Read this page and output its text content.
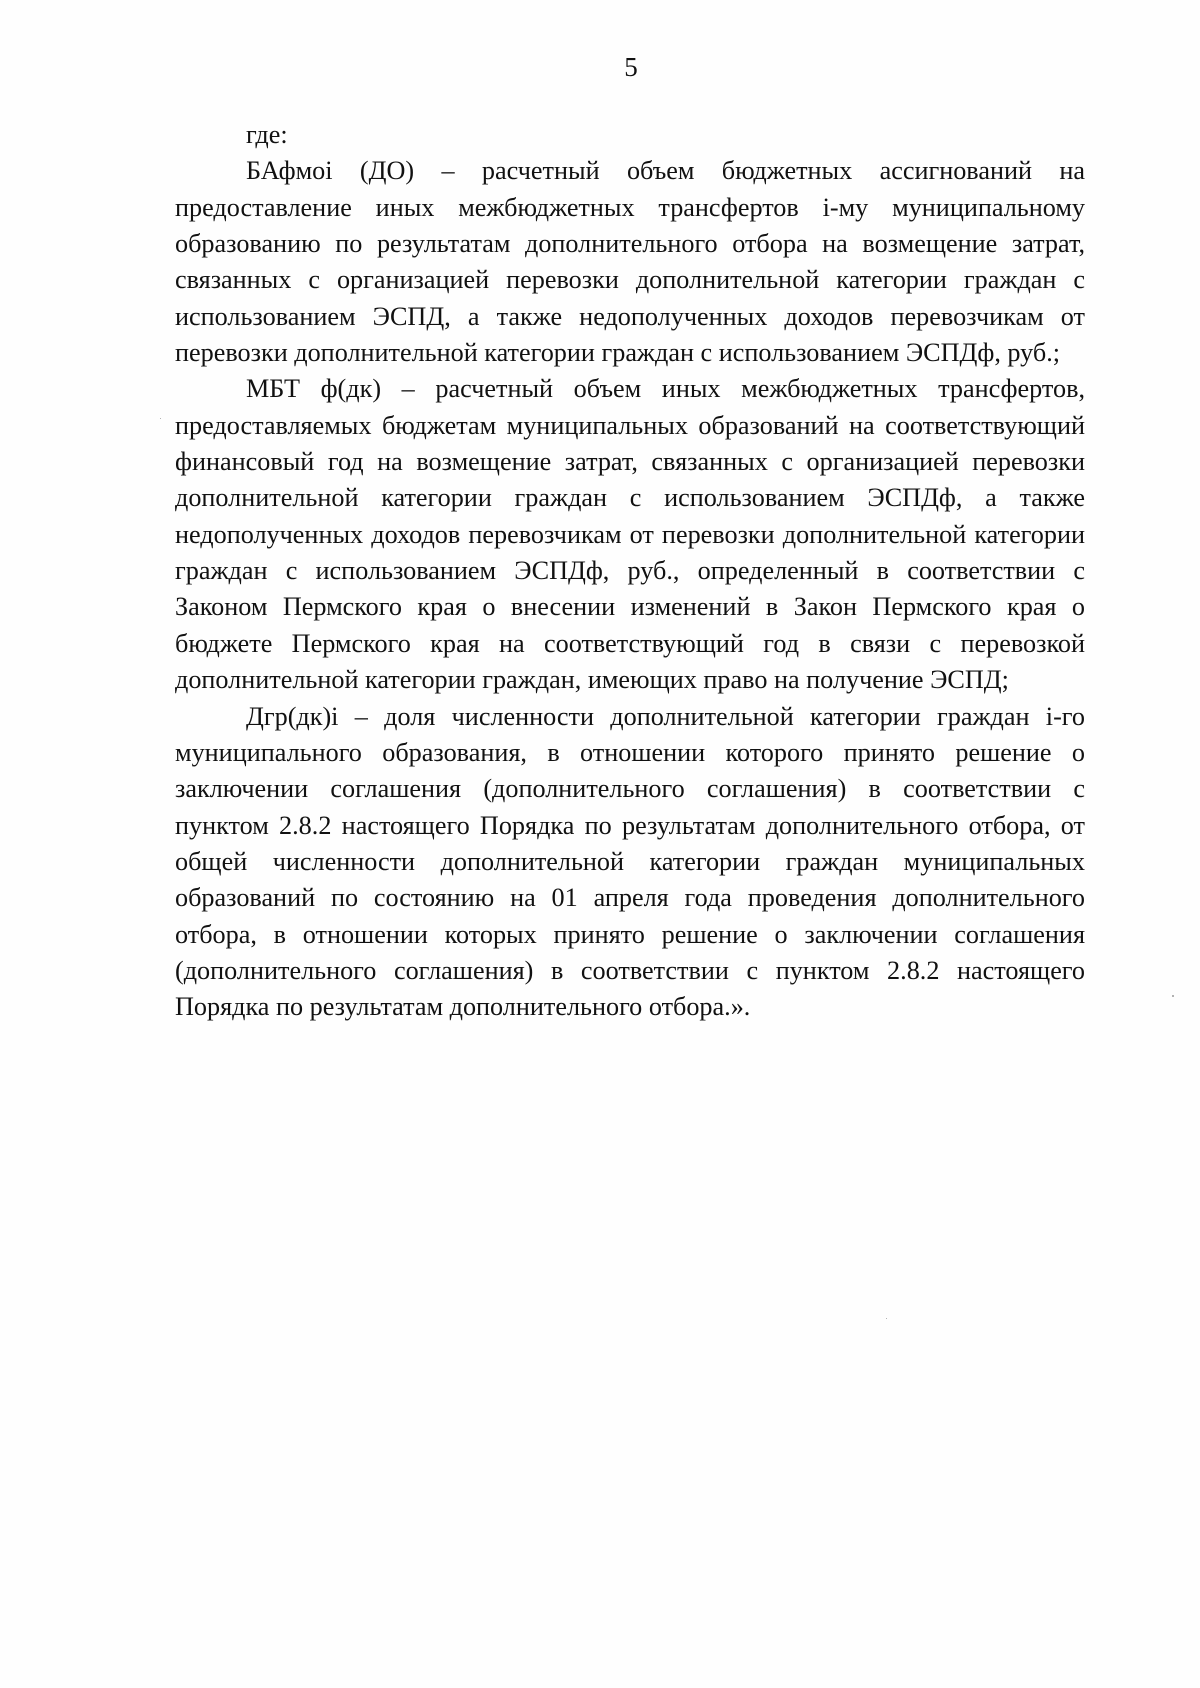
5

где:

БАфмоi (ДО) – расчетный объем бюджетных ассигнований на предоставление иных межбюджетных трансфертов i-му муниципальному образованию по результатам дополнительного отбора на возмещение затрат, связанных с организацией перевозки дополнительной категории граждан с использованием ЭСПД, а также недополученных доходов перевозчикам от перевозки дополнительной категории граждан с использованием ЭСПДф, руб.;

МБТ ф(дк) – расчетный объем иных межбюджетных трансфертов, предоставляемых бюджетам муниципальных образований на соответствующий финансовый год на возмещение затрат, связанных с организацией перевозки дополнительной категории граждан с использованием ЭСПДф, а также недополученных доходов перевозчикам от перевозки дополнительной категории граждан с использованием ЭСПДф, руб., определенный в соответствии с Законом Пермского края о внесении изменений в Закон Пермского края о бюджете Пермского края на соответствующий год в связи с перевозкой дополнительной категории граждан, имеющих право на получение ЭСПД;

Дгр(дк)i – доля численности дополнительной категории граждан i-го муниципального образования, в отношении которого принято решение о заключении соглашения (дополнительного соглашения) в соответствии с пунктом 2.8.2 настоящего Порядка по результатам дополнительного отбора, от общей численности дополнительной категории граждан муниципальных образований по состоянию на 01 апреля года проведения дополнительного отбора, в отношении которых принято решение о заключении соглашения (дополнительного соглашения) в соответствии с пунктом 2.8.2 настоящего Порядка по результатам дополнительного отбора.».
